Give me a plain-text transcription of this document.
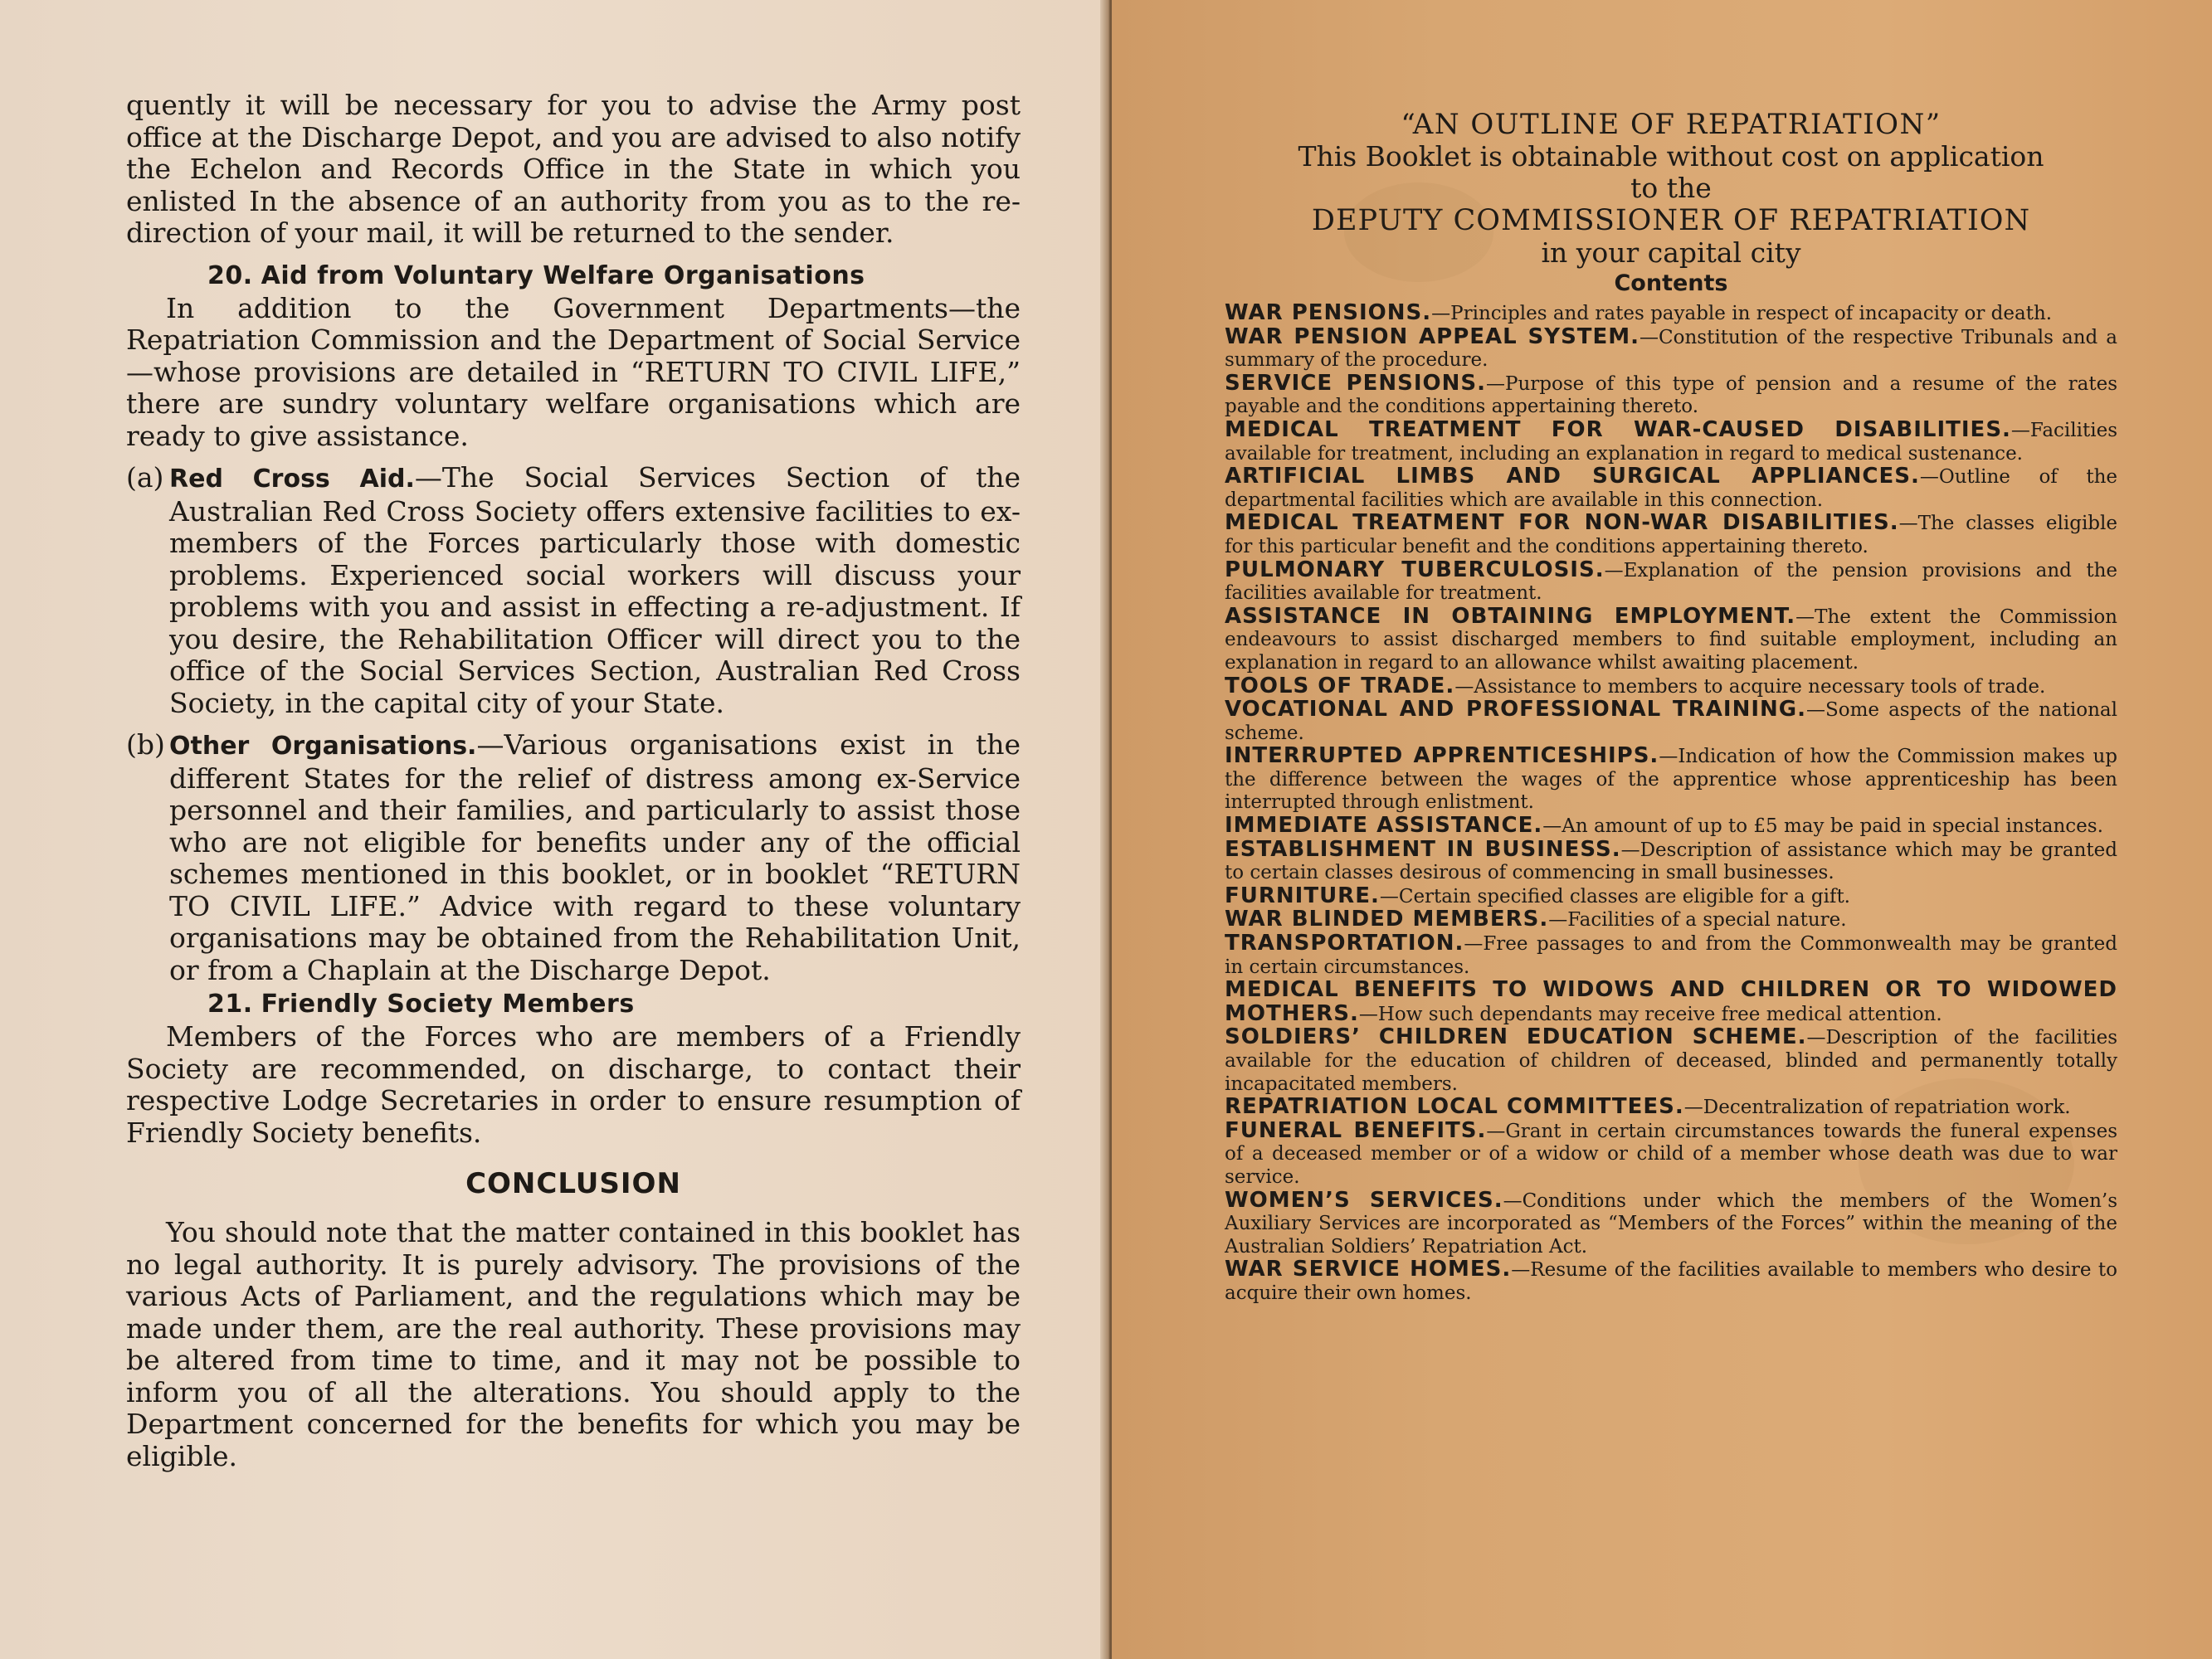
quently it will be necessary for you to advise the Army post office at the Discharge Depot, and you are advised to also notify the Echelon and Records Office in the State in which you enlisted In the absence of an authority from you as to the re-direction of your mail, it will be returned to the sender.

20. Aid from Voluntary Welfare Organisations

In addition to the Government Departments—the Repatriation Commission and the Department of Social Service—whose provisions are detailed in “RETURN TO CIVIL LIFE,” there are sundry voluntary welfare organisations which are ready to give assistance.

(a) Red Cross Aid.—The Social Services Section of the Australian Red Cross Society offers extensive facilities to ex-members of the Forces particularly those with domestic problems. Experienced social workers will discuss your problems with you and assist in effecting a re-adjustment. If you desire, the Rehabilitation Officer will direct you to the office of the Social Services Section, Australian Red Cross Society, in the capital city of your State.
(b) Other Organisations.—Various organisations exist in the different States for the relief of distress among ex-Service personnel and their families, and particularly to assist those who are not eligible for benefits under any of the official schemes mentioned in this booklet, or in booklet “RETURN TO CIVIL LIFE.” Advice with regard to these voluntary organisations may be obtained from the Rehabilitation Unit, or from a Chaplain at the Discharge Depot.

21. Friendly Society Members

Members of the Forces who are members of a Friendly Society are recommended, on discharge, to contact their respective Lodge Secretaries in order to ensure resumption of Friendly Society benefits.

CONCLUSION

You should note that the matter contained in this booklet has no legal authority. It is purely advisory. The provisions of the various Acts of Parliament, and the regulations which may be made under them, are the real authority. These provisions may be altered from time to time, and it may not be possible to inform you of all the alterations. You should apply to the Department concerned for the benefits for which you may be eligible.

“AN OUTLINE OF REPATRIATION”
This Booklet is obtainable without cost on application
to the
DEPUTY COMMISSIONER OF REPATRIATION
in your capital city
Contents

WAR PENSIONS.—Principles and rates payable in respect of incapacity or death.

WAR PENSION APPEAL SYSTEM.—Constitution of the respective Tribunals and a summary of the procedure.

SERVICE PENSIONS.—Purpose of this type of pension and a resume of the rates payable and the conditions appertaining thereto.

MEDICAL TREATMENT FOR WAR-CAUSED DISABILITIES.—Facilities available for treatment, including an explanation in regard to medical sustenance.

ARTIFICIAL LIMBS AND SURGICAL APPLIANCES.—Outline of the departmental facilities which are available in this connection.

MEDICAL TREATMENT FOR NON-WAR DISABILITIES.—The classes eligible for this particular benefit and the conditions appertaining thereto.

PULMONARY TUBERCULOSIS.—Explanation of the pension provisions and the facilities available for treatment.

ASSISTANCE IN OBTAINING EMPLOYMENT.—The extent the Commission endeavours to assist discharged members to find suitable employment, including an explanation in regard to an allowance whilst awaiting placement.

TOOLS OF TRADE.—Assistance to members to acquire necessary tools of trade.

VOCATIONAL AND PROFESSIONAL TRAINING.—Some aspects of the national scheme.

INTERRUPTED APPRENTICESHIPS.—Indication of how the Commission makes up the difference between the wages of the apprentice whose apprenticeship has been interrupted through enlistment.

IMMEDIATE ASSISTANCE.—An amount of up to £5 may be paid in special instances.

ESTABLISHMENT IN BUSINESS.—Description of assistance which may be granted to certain classes desirous of commencing in small businesses.

FURNITURE.—Certain specified classes are eligible for a gift.

WAR BLINDED MEMBERS.—Facilities of a special nature.

TRANSPORTATION.—Free passages to and from the Commonwealth may be granted in certain circumstances.

MEDICAL BENEFITS TO WIDOWS AND CHILDREN OR TO WIDOWED MOTHERS.—How such dependants may receive free medical attention.

SOLDIERS’ CHILDREN EDUCATION SCHEME.—Description of the facilities available for the education of children of deceased, blinded and permanently totally incapacitated members.

REPATRIATION LOCAL COMMITTEES.—Decentralization of repatriation work.

FUNERAL BENEFITS.—Grant in certain circumstances towards the funeral expenses of a deceased member or of a widow or child of a member whose death was due to war service.

WOMEN’S SERVICES.—Conditions under which the members of the Women’s Auxiliary Services are incorporated as “Members of the Forces” within the meaning of the Australian Soldiers’ Repatriation Act.

WAR SERVICE HOMES.—Resume of the facilities available to members who desire to acquire their own homes.
